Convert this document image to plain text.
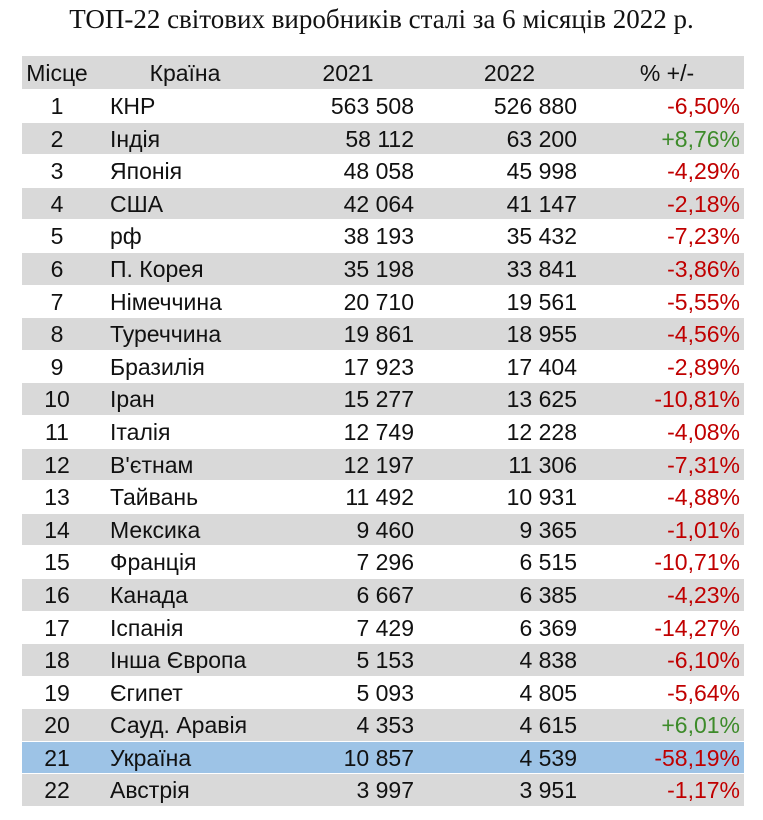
ТОП-22 світових виробників сталі за 6 місяців 2022 р.
Місце	Країна	2021	2022	% +/-
1	КНР	563 508	526 880	-6,50%
2	Індія	58 112	63 200	+8,76%
3	Японія	48 058	45 998	-4,29%
4	США	42 064	41 147	-2,18%
5	рф	38 193	35 432	-7,23%
6	П. Корея	35 198	33 841	-3,86%
7	Німеччина	20 710	19 561	-5,55%
8	Туреччина	19 861	18 955	-4,56%
9	Бразилія	17 923	17 404	-2,89%
10	Іран	15 277	13 625	-10,81%
11	Італія	12 749	12 228	-4,08%
12	В'єтнам	12 197	11 306	-7,31%
13	Тайвань	11 492	10 931	-4,88%
14	Мексика	9 460	9 365	-1,01%
15	Франція	7 296	6 515	-10,71%
16	Канада	6 667	6 385	-4,23%
17	Іспанія	7 429	6 369	-14,27%
18	Інша Європа	5 153	4 838	-6,10%
19	Єгипет	5 093	4 805	-5,64%
20	Сауд. Аравія	4 353	4 615	+6,01%
21	Україна	10 857	4 539	-58,19%
22	Австрія	3 997	3 951	-1,17%
